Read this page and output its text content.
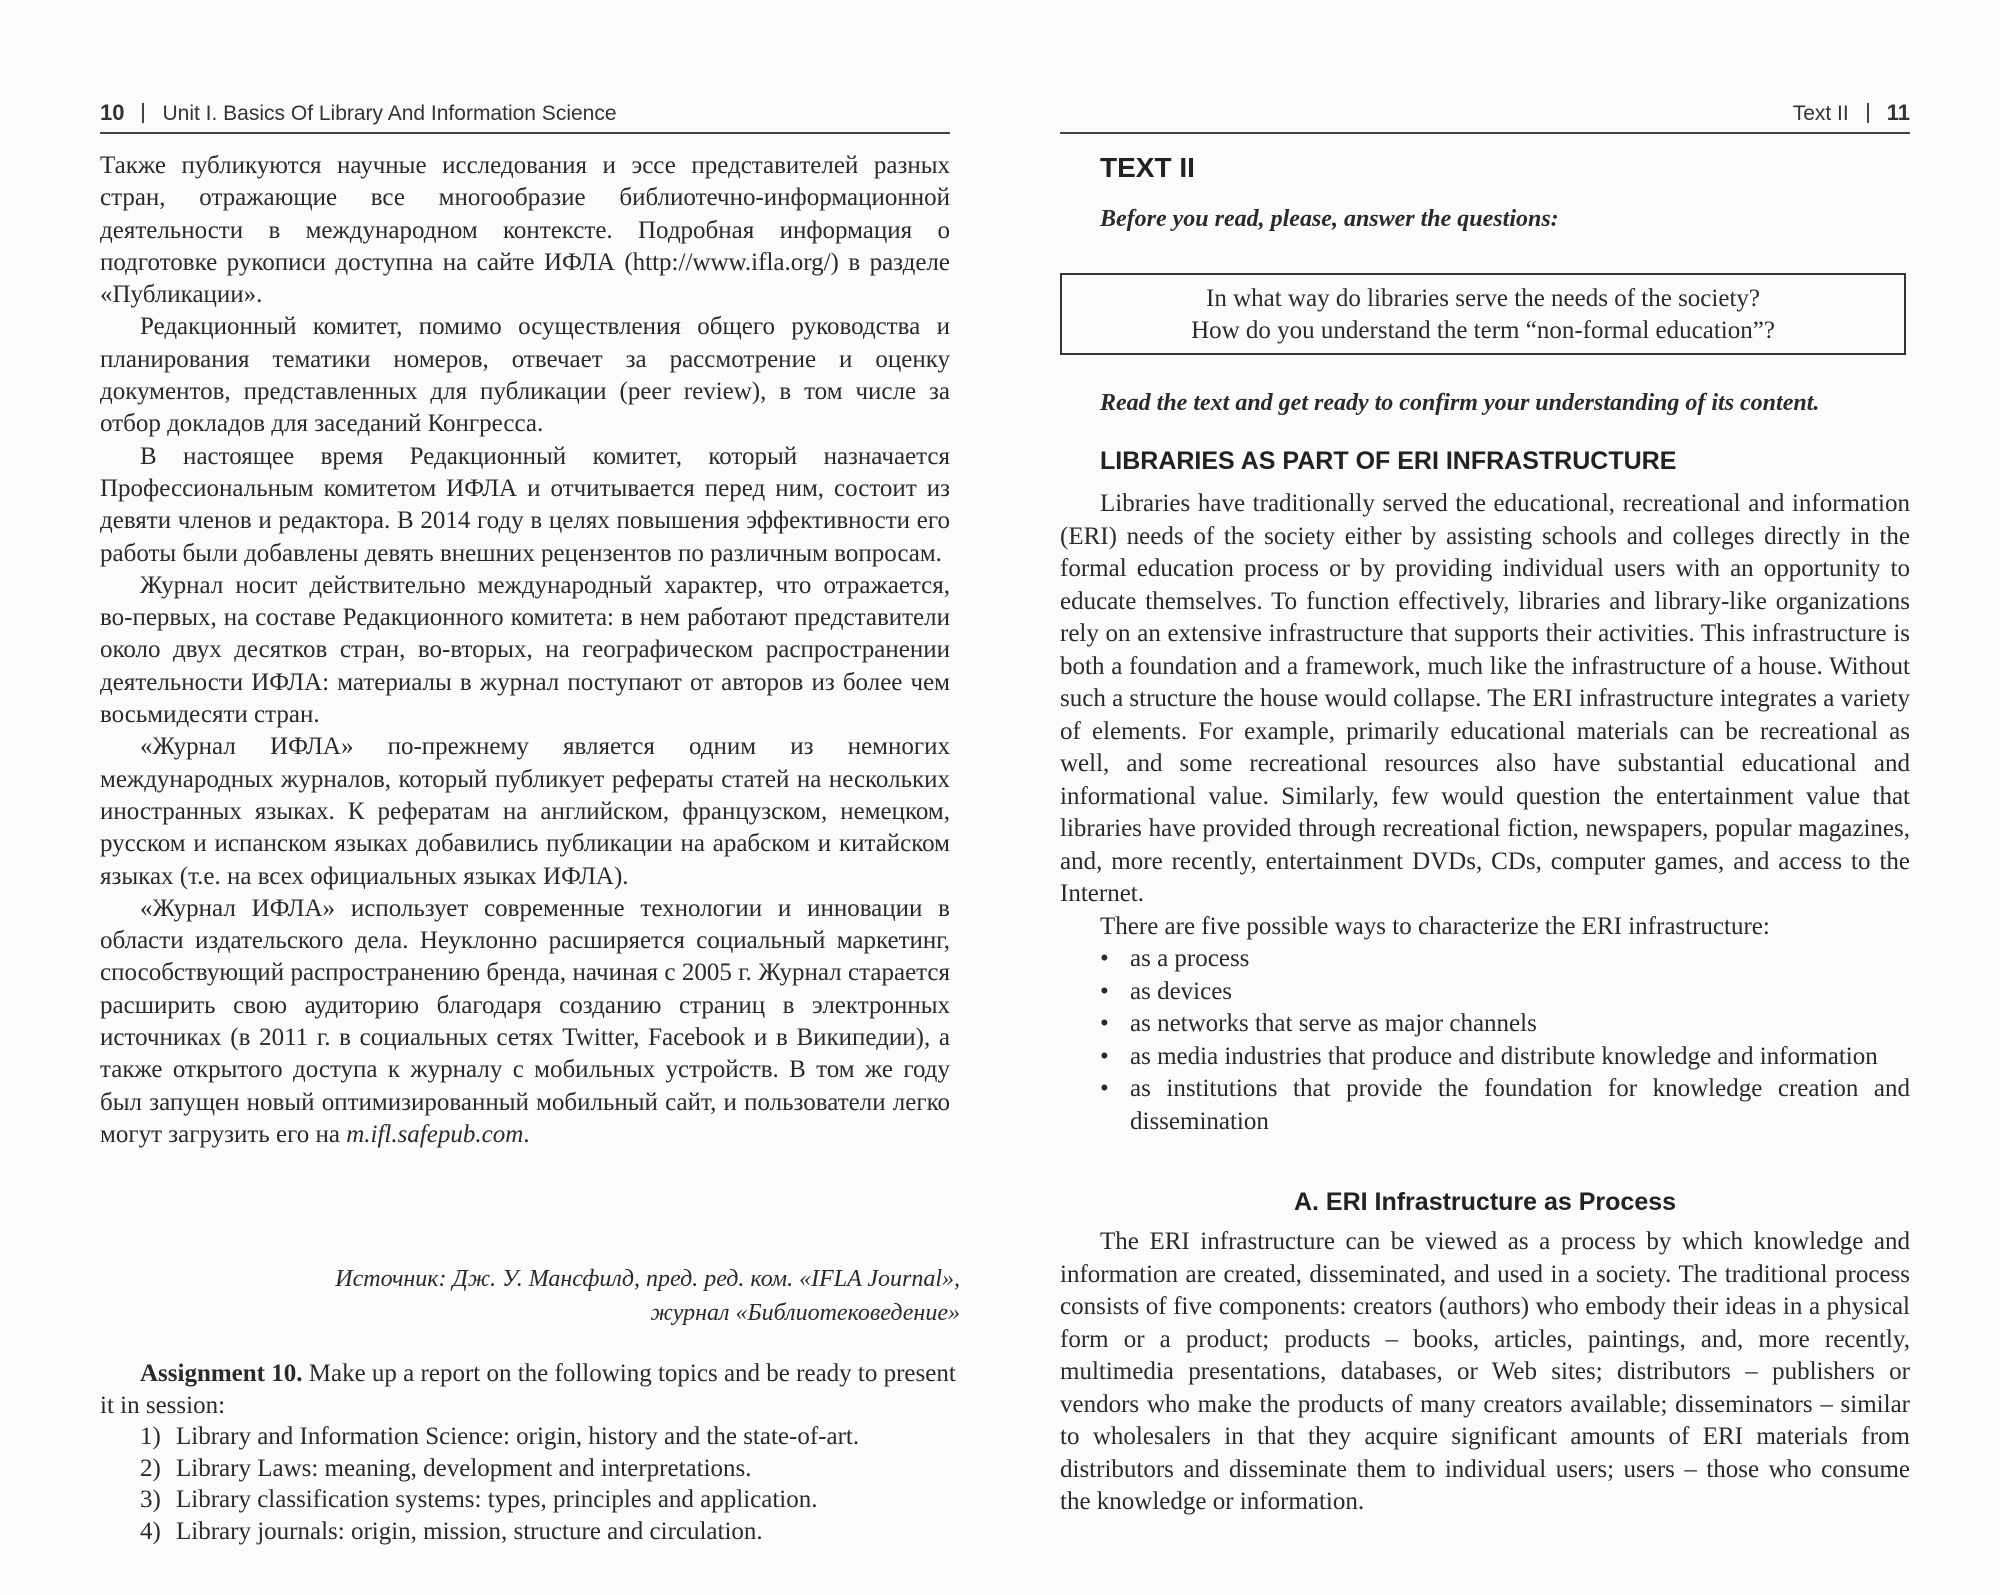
10 Unit I. Basics Of Library And Information Science

Также публикуются научные исследования и эссе представителей разных стран, отражающие все многообразие библиотечно-информационной деятельности в международном контексте. Подробная информация о подготовке рукописи доступна на сайте ИФЛА (http://www.ifla.org/) в разделе «Публикации».

Редакционный комитет, помимо осуществления общего руководства и планирования тематики номеров, отвечает за рассмотрение и оценку документов, представленных для публикации (peer review), в том числе за отбор докладов для заседаний Конгресса.

В настоящее время Редакционный комитет, который назначается Профессиональным комитетом ИФЛА и отчитывается перед ним, состоит из девяти членов и редактора. В 2014 году в целях повышения эффективности его работы были добавлены девять внешних рецензентов по различным вопросам.

Журнал носит действительно международный характер, что отражается, во-первых, на составе Редакционного комитета: в нем работают представители около двух десятков стран, во-вторых, на географическом распространении деятельности ИФЛА: материалы в журнал поступают от авторов из более чем восьмидесяти стран.

«Журнал ИФЛА» по-прежнему является одним из немногих международных журналов, который публикует рефераты статей на нескольких иностранных языках. К рефератам на английском, французском, немецком, русском и испанском языках добавились публикации на арабском и китайском языках (т.е. на всех официальных языках ИФЛА).

«Журнал ИФЛА» использует современные технологии и инновации в области издательского дела. Неуклонно расширяется социальный маркетинг, способствующий распространению бренда, начиная с 2005 г. Журнал старается расширить свою аудиторию благодаря созданию страниц в электронных источниках (в 2011 г. в социальных сетях Twitter, Facebook и в Википедии), а также открытого доступа к журналу с мобильных устройств. В том же году был запущен новый оптимизированный мобильный сайт, и пользователи легко могут загрузить его на m.ifl.safepub.com.

Источник: Дж. У. Мансфилд, пред. ред. ком. «IFLA Journal»,
журнал «Библиотековедение»

Assignment 10. Make up a report on the following topics and be ready to present it in session:

1) Library and Information Science: origin, history and the state-of-art.
2) Library Laws: meaning, development and interpretations.
3) Library classification systems: types, principles and application.
4) Library journals: origin, mission, structure and circulation.
Text II 11
TEXT II
Before you read, please, answer the questions:
In what way do libraries serve the needs of the society?
How do you understand the term “non-formal education”?
Read the text and get ready to confirm your understanding of its content.
LIBRARIES AS PART OF ERI INFRASTRUCTURE

Libraries have traditionally served the educational, recreational and information (ERI) needs of the society either by assisting schools and colleges directly in the formal education process or by providing individual users with an opportunity to educate themselves. To function effectively, libraries and library-like organizations rely on an extensive infrastructure that supports their activities. This infrastructure is both a foundation and a framework, much like the infrastructure of a house. Without such a structure the house would collapse. The ERI infrastructure integrates a variety of elements. For example, primarily educational materials can be recreational as well, and some recreational resources also have substantial educational and informational value. Similarly, few would question the entertainment value that libraries have provided through recreational fiction, newspapers, popular magazines, and, more recently, entertainment DVDs, CDs, computer games, and access to the Internet.

There are five possible ways to characterize the ERI infrastructure:

• as a process
• as devices
• as networks that serve as major channels
• as media industries that produce and distribute knowledge and information
• as institutions that provide the foundation for knowledge creation and dissemination
A. ERI Infrastructure as Process

The ERI infrastructure can be viewed as a process by which knowledge and information are created, disseminated, and used in a society. The traditional process consists of five components: creators (authors) who embody their ideas in a physical form or a product; products – books, articles, paintings, and, more recently, multimedia presentations, databases, or Web sites; distributors – publishers or vendors who make the products of many creators available; disseminators – similar to wholesalers in that they acquire significant amounts of ERI materials from distributors and disseminate them to individual users; users – those who consume the knowledge or information.
